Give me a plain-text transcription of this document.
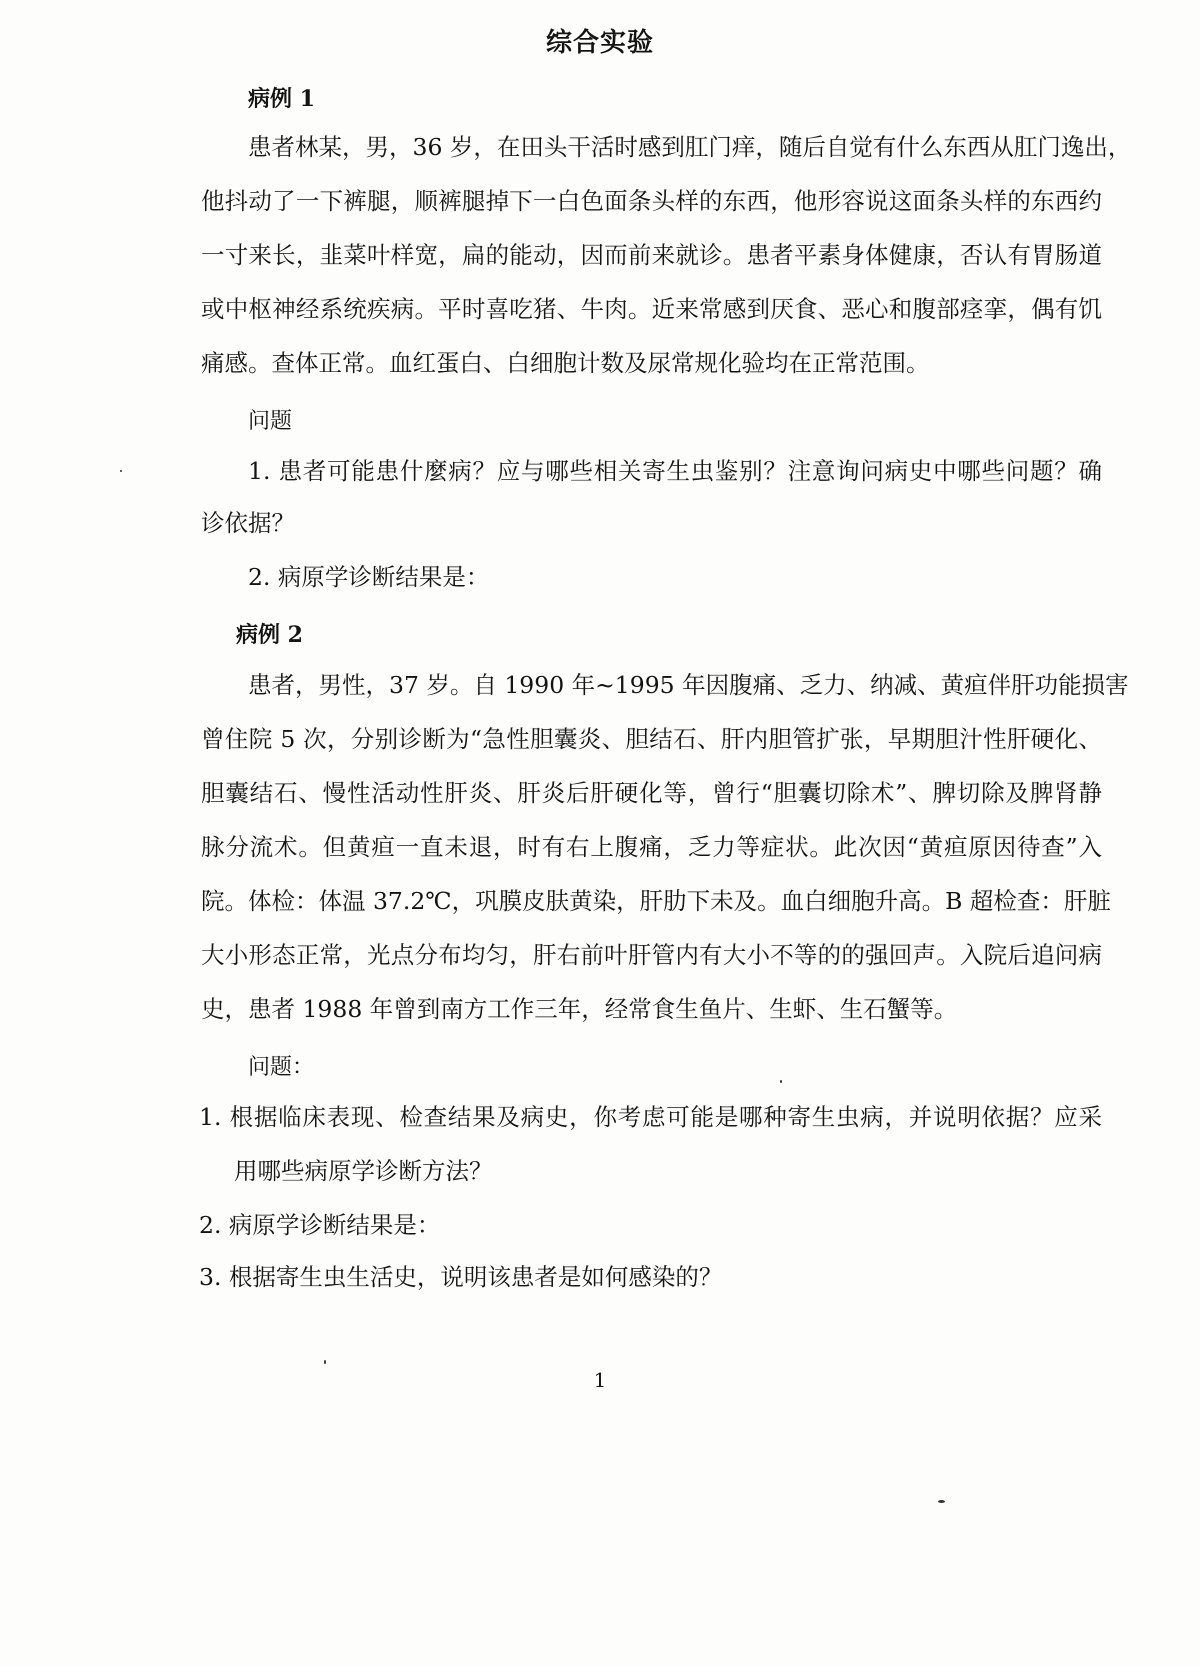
综合实验
病例 1
患者林某，男，36 岁，在田头干活时感到肛门痒，随后自觉有什么东西从肛门逸出，
他抖动了一下裤腿，顺裤腿掉下一白色面条头样的东西，他形容说这面条头样的东西约
一寸来长，韭菜叶样宽，扁的能动，因而前来就诊。患者平素身体健康，否认有胃肠道
或中枢神经系统疾病。平时喜吃猪、牛肉。近来常感到厌食、恶心和腹部痉挛，偶有饥
痛感。查体正常。血红蛋白、白细胞计数及尿常规化验均在正常范围。
问题
1. 患者可能患什麼病？应与哪些相关寄生虫鉴别？注意询问病史中哪些问题？确
诊依据？
2. 病原学诊断结果是：
病例 2
患者，男性，37 岁。自 1990 年~1995 年因腹痛、乏力、纳减、黄疸伴肝功能损害
曾住院 5 次，分别诊断为“急性胆囊炎、胆结石、肝内胆管扩张，早期胆汁性肝硬化、
胆囊结石、慢性活动性肝炎、肝炎后肝硬化等，曾行“胆囊切除术”、脾切除及脾肾静
脉分流术。但黄疸一直未退，时有右上腹痛，乏力等症状。此次因“黄疸原因待查”入
院。体检：体温 37.2℃，巩膜皮肤黄染，肝肋下未及。血白细胞升高。B 超检查：肝脏
大小形态正常，光点分布均匀，肝右前叶肝管内有大小不等的的强回声。入院后追问病
史，患者 1988 年曾到南方工作三年，经常食生鱼片、生虾、生石蟹等。
问题：
1. 根据临床表现、检查结果及病史，你考虑可能是哪种寄生虫病，并说明依据？应采
用哪些病原学诊断方法？
2. 病原学诊断结果是：
3. 根据寄生虫生活史，说明该患者是如何感染的？
1
